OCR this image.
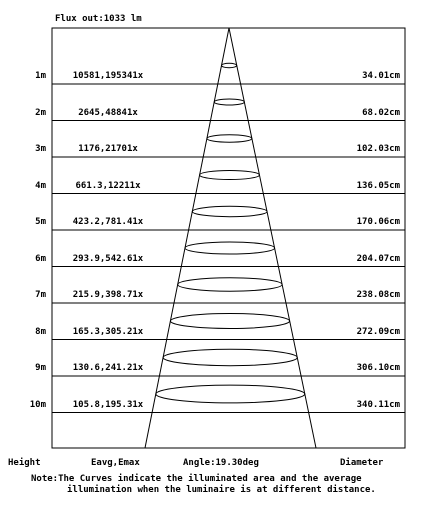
Flux out:1033 lm
1m	10581,195341x	34.01cm
2m	2645,48841x	68.02cm
3m	1176,21701x	102.03cm
4m	661.3,12211x	136.05cm
5m	423.2,781.41x	170.06cm
6m	293.9,542.61x	204.07cm
7m	215.9,398.71x	238.08cm
8m	165.3,305.21x	272.09cm
9m	130.6,241.21x	306.10cm
10m	105.8,195.31x	340.11cm
Height	Eavg,Emax	Angle:19.30deg	Diameter
Note:The Curves indicate the illuminated area and the average
illumination when the luminaire is at different distance.
